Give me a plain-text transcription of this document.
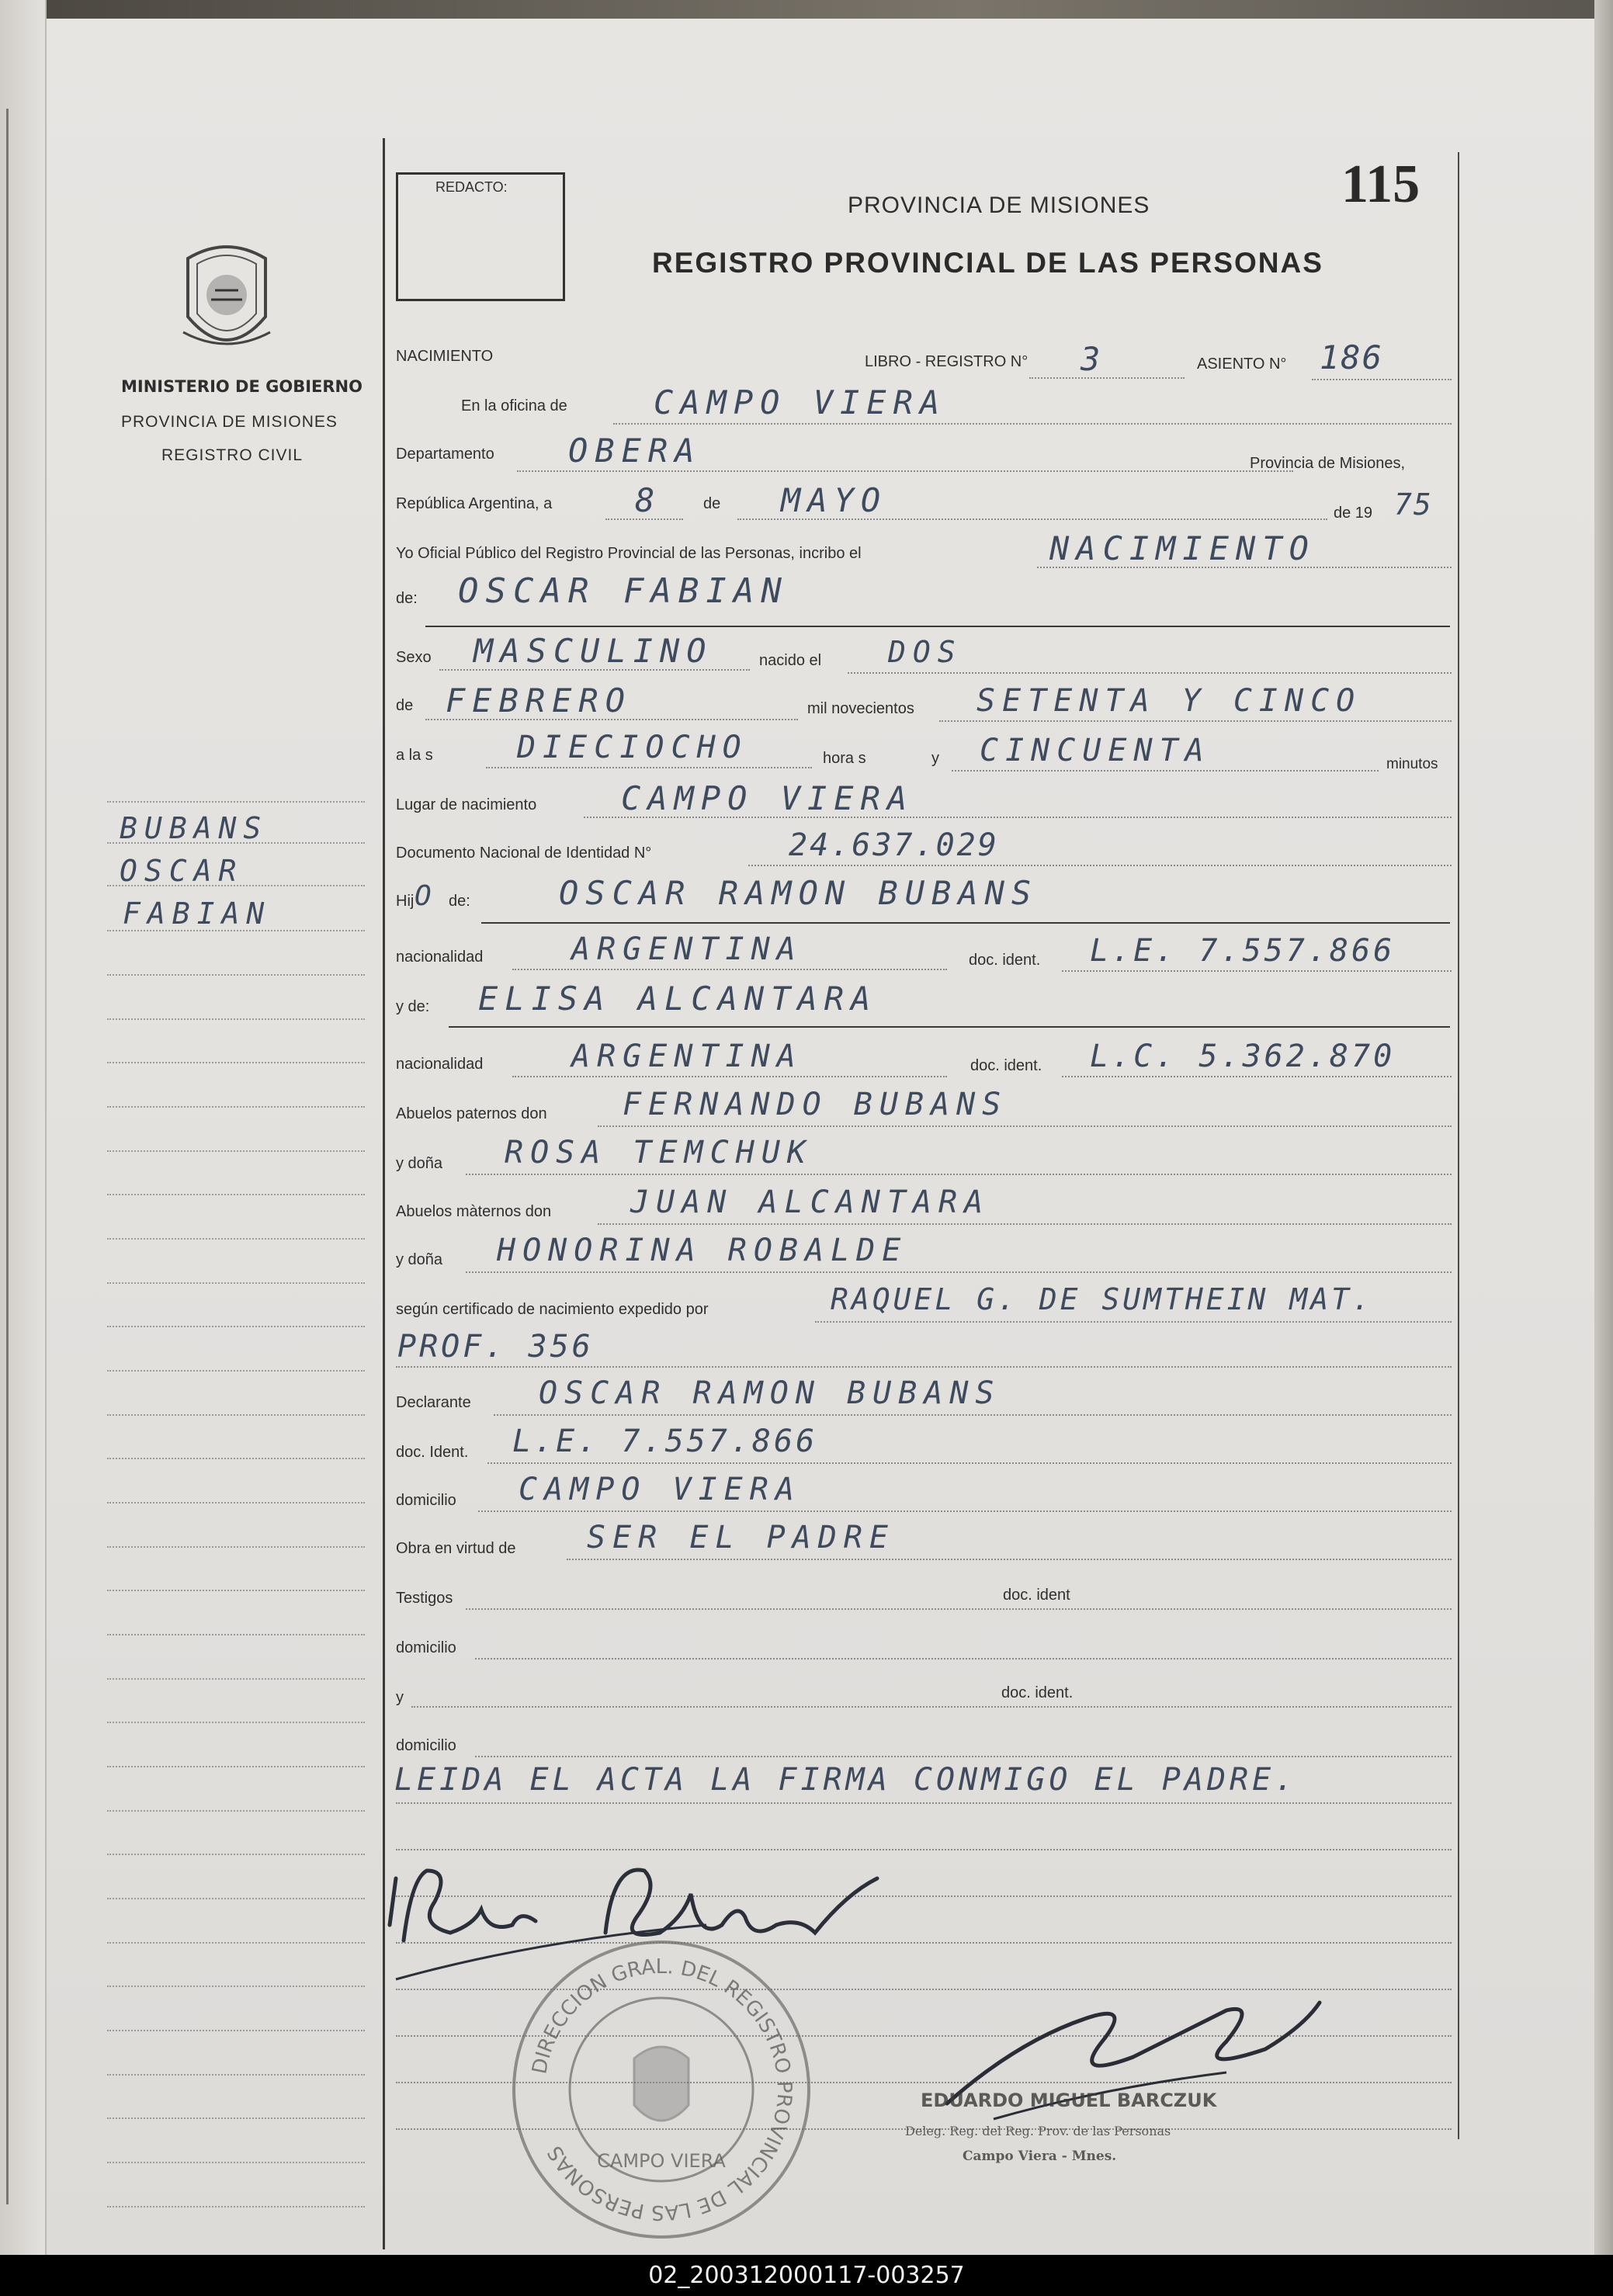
REDACTO:	115
PROVINCIA DE MISIONES
REGISTRO PROVINCIAL DE LAS PERSONAS
MINISTERIO DE GOBIERNO
PROVINCIA DE MISIONES
REGISTRO CIVIL
BUBANS
OSCAR
FABIAN
NACIMIENTO	LIBRO - REGISTRO N° 3	ASIENTO N° 186
En la oficina de	CAMPO VIERA
Departamento OBERA	Provincia de Misiones,
República Argentina, a	8	de MAYO	de 19 75
Yo Oficial Público del Registro Provincial de las Personas, incribo el	NACIMIENTO
de: OSCAR FABIAN
Sexo MASCULINO	nacido el DOS
de FEBRERO	mil novecientos SETENTA Y CINCO
a la s	DIECIOCHO	hora s	y CINCUENTA	minutos
Lugar de nacimiento	CAMPO VIERA
Documento Nacional de Identidad N°	24.637.029
Hij O de:	OSCAR RAMON BUBANS
nacionalidad	ARGENTINA	doc. ident. L.E. 7.557.866
y de: ELISA ALCANTARA
nacionalidad	ARGENTINA	doc. ident. L.C. 5.362.870
Abuelos paternos don FERNANDO BUBANS
y doña ROSA TEMCHUK
Abuelos màternos don	JUAN ALCANTARA
y doña HONORINA ROBALDE
según certificado de nacimiento expedido por	RAQUEL G. DE SUMTHEIN MAT.
PROF. 356
Declarante OSCAR RAMON BUBANS
doc. Ident. L.E. 7.557.866
domicilio CAMPO VIERA
Obra en virtud de SER EL PADRE
Testigos	doc. ident
domicilio
y	doc. ident.
domicilio
LEIDA EL ACTA LA FIRMA CONMIGO EL PADRE.
DIRECCION GRAL. DEL REGISTRO PROVINCIAL DE LAS PERSONAS	CAMPO VIERA
EDUARDO MIGUEL BARCZUK
Deleg. Reg. del Reg. Prov. de las Personas
Campo Viera - Mnes.
02_200312000117-003257
